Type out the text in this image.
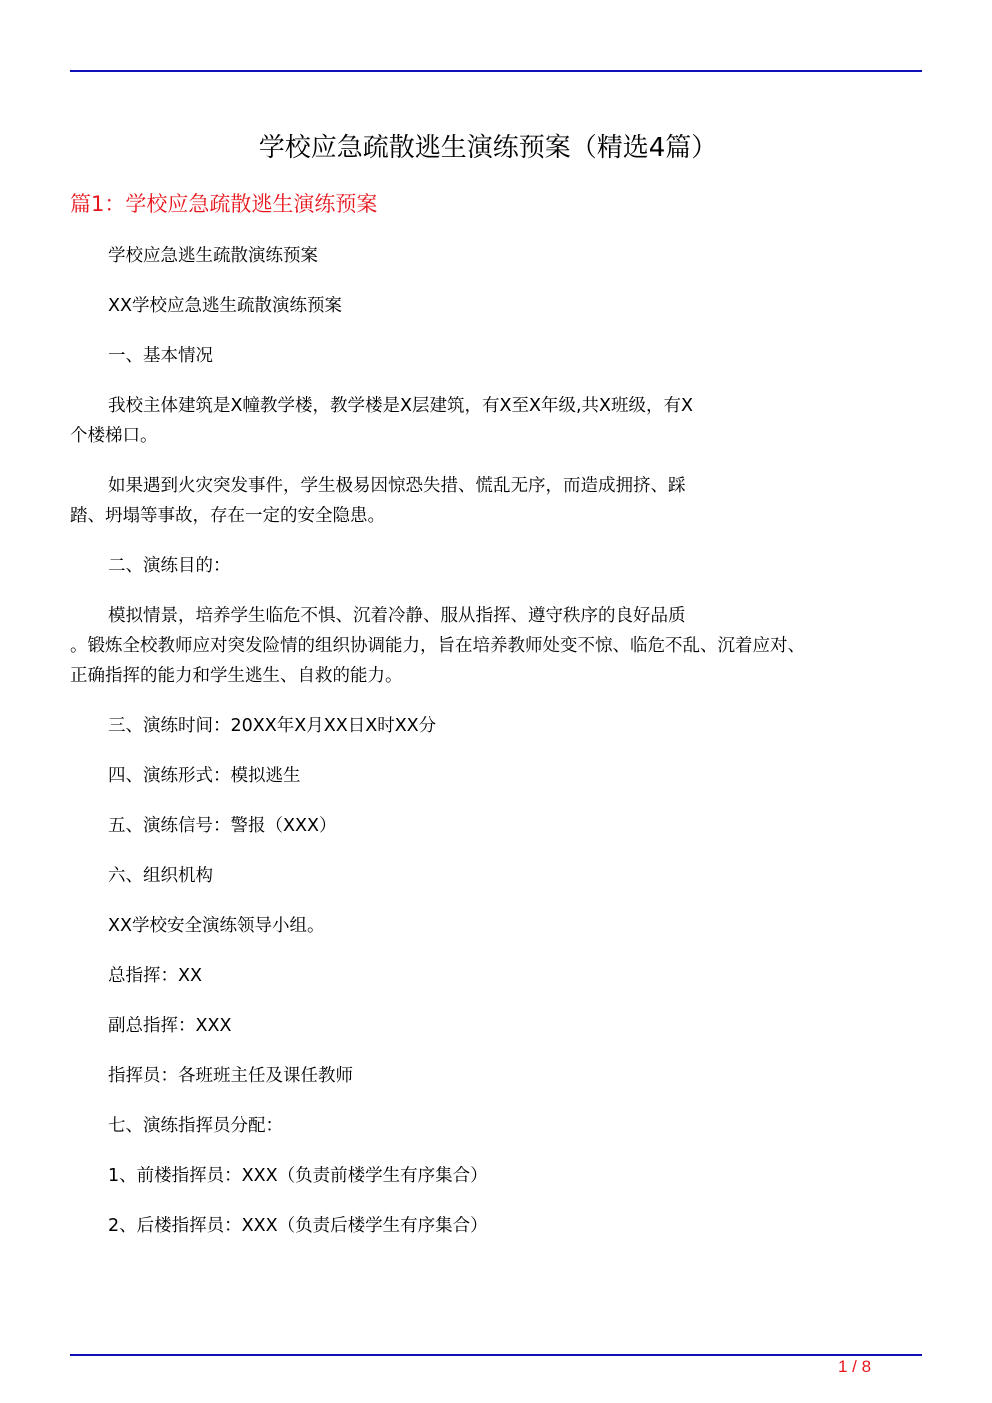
学校应急疏散逃生演练预案（精选4篇）
篇1：学校应急疏散逃生演练预案
学校应急逃生疏散演练预案
XX学校应急逃生疏散演练预案
一、基本情况
我校主体建筑是X幢教学楼，教学楼是X层建筑，有X至X年级,共X班级，有X
个楼梯口。
如果遇到火灾突发事件，学生极易因惊恐失措、慌乱无序，而造成拥挤、踩
踏、坍塌等事故，存在一定的安全隐患。
二、演练目的：
模拟情景，培养学生临危不惧、沉着冷静、服从指挥、遵守秩序的良好品质
。锻炼全校教师应对突发险情的组织协调能力，旨在培养教师处变不惊、临危不乱、沉着应对、
正确指挥的能力和学生逃生、自救的能力。
三、演练时间：20XX年X月XX日X时XX分
四、演练形式：模拟逃生
五、演练信号：警报（XXX）
六、组织机构
XX学校安全演练领导小组。
总指挥：XX
副总指挥：XXX
指挥员：各班班主任及课任教师
七、演练指挥员分配：
1、前楼指挥员：XXX（负责前楼学生有序集合）
2、后楼指挥员：XXX（负责后楼学生有序集合）
1 / 8
